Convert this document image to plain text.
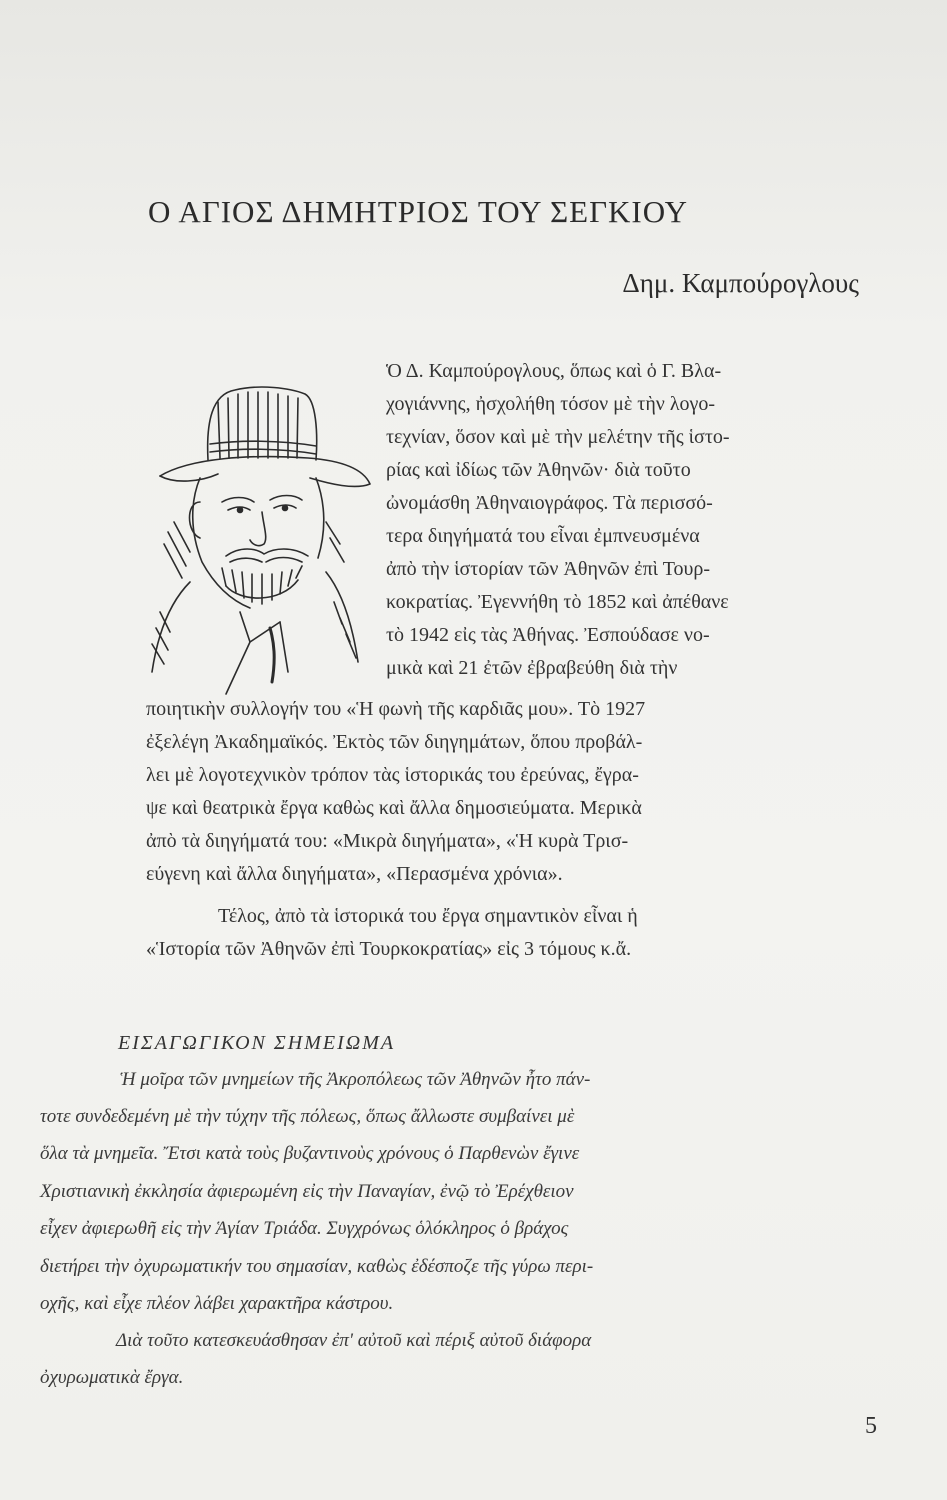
Ο ΑΓΙΟΣ ΔΗΜΗΤΡΙΟΣ ΤΟΥ ΣΕΓΚΙΟΥ
Δημ. Καμπούρογλους
Ὁ Δ. Καμπούρογλους, ὅπως καὶ ὁ Γ. Βλα-
χογιάννης, ἠσχολήθη τόσον μὲ τὴν λογο-
τεχνίαν, ὅσον καὶ μὲ τὴν μελέτην τῆς ἱστο-
ρίας καὶ ἰδίως τῶν Ἀθηνῶν· διὰ τοῦτο
ὠνομάσθη Ἀθηναιογράφος. Τὰ περισσό-
τερα διηγήματά του εἶναι ἐμπνευσμένα
ἀπὸ τὴν ἱστορίαν τῶν Ἀθηνῶν ἐπὶ Τουρ-
κοκρατίας. Ἐγεννήθη τὸ 1852 καὶ ἀπέθανε
τὸ 1942 εἰς τὰς Ἀθήνας. Ἐσπούδασε νο-
μικὰ καὶ 21 ἐτῶν ἐβραβεύθη διὰ τὴν
ποιητικὴν συλλογήν του «Ἡ φωνὴ τῆς καρδιᾶς μου». Τὸ 1927
ἐξελέγη Ἀκαδημαϊκός. Ἐκτὸς τῶν διηγημάτων, ὅπου προβάλ-
λει μὲ λογοτεχνικὸν τρόπον τὰς ἱστορικάς του ἐρεύνας, ἔγρα-
ψε καὶ θεατρικὰ ἔργα καθὼς καὶ ἄλλα δημοσιεύματα. Μερικὰ
ἀπὸ τὰ διηγήματά του: «Μικρὰ διηγήματα», «Ἡ κυρὰ Τρισ-
εύγενη καὶ ἄλλα διηγήματα», «Περασμένα χρόνια».
Τέλος, ἀπὸ τὰ ἱστορικά του ἔργα σημαντικὸν εἶναι ἡ
«Ἱστορία τῶν Ἀθηνῶν ἐπὶ Τουρκοκρατίας» εἰς 3 τόμους κ.ἄ.
ΕΙΣΑΓΩΓΙΚΟΝ ΣΗΜΕΙΩΜΑ
Ἡ μοῖρα τῶν μνημείων τῆς Ἀκροπόλεως τῶν Ἀθηνῶν ἦτο πάν-
τοτε συνδεδεμένη μὲ τὴν τύχην τῆς πόλεως, ὅπως ἄλλωστε συμβαίνει μὲ
ὅλα τὰ μνημεῖα. Ἔτσι κατὰ τοὺς βυζαντινοὺς χρόνους ὁ Παρθενὼν ἔγινε
Χριστιανικὴ ἐκκλησία ἀφιερωμένη εἰς τὴν Παναγίαν, ἐνῷ τὸ Ἐρέχθειον
εἶχεν ἀφιερωθῆ εἰς τὴν Ἁγίαν Τριάδα. Συγχρόνως ὁλόκληρος ὁ βράχος
διετήρει τὴν ὀχυρωματικήν του σημασίαν, καθὼς ἐδέσποζε τῆς γύρω περι-
οχῆς, καὶ εἶχε πλέον λάβει χαρακτῆρα κάστρου.
Διὰ τοῦτο κατεσκευάσθησαν ἐπ' αὐτοῦ καὶ πέριξ αὐτοῦ διάφορα
ὀχυρωματικὰ ἔργα.
5
